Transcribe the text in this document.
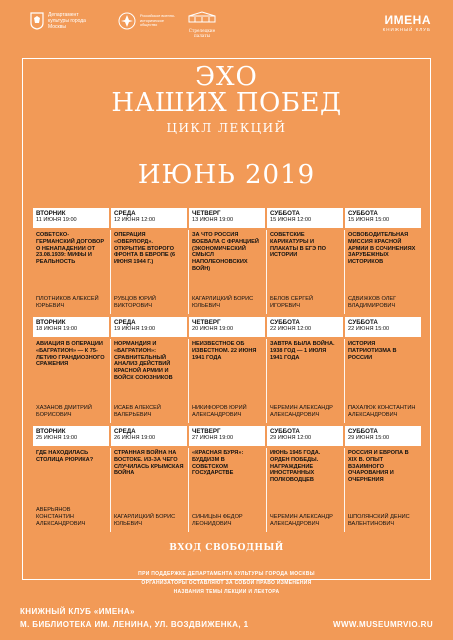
Департамент культуры города Москвы
Российское военно-историческое общество
Стрелецкие палаты
ИМЕНА
КНИЖНЫЙ КЛУБ
ЭХО
НАШИХ ПОБЕД
ЦИКЛ ЛЕКЦИЙ
ИЮНЬ 2019
ВТОРНИК
11 ИЮНЯ 19:00
СОВЕТСКО-ГЕРМАНСКИЙ ДОГОВОР О НЕНАПАДЕНИИ ОТ 23.08.1939: МИФЫ И РЕАЛЬНОСТЬ
ПЛОТНИКОВ АЛЕКСЕЙ ЮРЬЕВИЧ
СРЕДА
12 ИЮНЯ 12:00
ОПЕРАЦИЯ «ОВЕРЛОРД». ОТКРЫТИЕ ВТОРОГО ФРОНТА В ЕВРОПЕ (6 ИЮНЯ 1944 Г.)
РУБЦОВ ЮРИЙ ВИКТОРОВИЧ
ЧЕТВЕРГ
13 ИЮНЯ 19:00
ЗА ЧТО РОССИЯ ВОЕВАЛА С ФРАНЦИЕЙ (ЭКОНОМИЧЕСКИЙ СМЫСЛ НАПОЛЕОНОВСКИХ ВОЙН)
КАГАРЛИЦКИЙ БОРИС ЮЛЬЕВИЧ
СУББОТА
15 ИЮНЯ 12:00
СОВЕТСКИЕ КАРИКАТУРЫ И ПЛАКАТЫ В ЕГЭ ПО ИСТОРИИ
БЕЛОВ СЕРГЕЙ ИГОРЕВИЧ
СУББОТА
15 ИЮНЯ 15:00
ОСВОБОДИТЕЛЬНАЯ МИССИЯ КРАСНОЙ АРМИИ В СОЧИНЕНИЯХ ЗАРУБЕЖНЫХ ИСТОРИКОВ
СДВИЖКОВ ОЛЕГ ВЛАДИМИРОВИЧ
ВТОРНИК
18 ИЮНЯ 19:00
АВИАЦИЯ В ОПЕРАЦИИ «БАГРАТИОН» — К 75-ЛЕТИЮ ГРАНДИОЗНОГО СРАЖЕНИЯ
ХАЗАНОВ ДМИТРИЙ БОРИСОВИЧ
СРЕДА
19 ИЮНЯ 19:00
НОРМАНДИЯ И «БАГРАТИОН»: СРАВНИТЕЛЬНЫЙ АНАЛИЗ ДЕЙСТВИЙ КРАСНОЙ АРМИИ И ВОЙСК СОЮЗНИКОВ
ИСАЕВ АЛЕКСЕЙ ВАЛЕРЬЕВИЧ
ЧЕТВЕРГ
20 ИЮНЯ 19:00
НЕИЗВЕСТНОЕ ОБ ИЗВЕСТНОМ. 22 ИЮНЯ 1941 ГОДА
НИКИФОРОВ ЮРИЙ АЛЕКСАНДРОВИЧ
СУББОТА
22 ИЮНЯ 12:00
ЗАВТРА БЫЛА ВОЙНА. 1938 ГОД — 1 ИЮЛЯ 1941 ГОДА
ЧЕРЕМИН АЛЕКСАНДР АЛЕКСАНДРОВИЧ
СУББОТА
22 ИЮНЯ 15:00
ИСТОРИЯ ПАТРИОТИЗМА В РОССИИ
ПАХАЛЮК КОНСТАНТИН АЛЕКСАНДРОВИЧ
ВТОРНИК
25 ИЮНЯ 19:00
ГДЕ НАХОДИЛАСЬ СТОЛИЦА РЮРИКА?
АВЕРЬЯНОВ КОНСТАНТИН АЛЕКСАНДРОВИЧ
СРЕДА
26 ИЮНЯ 19:00
СТРАННАЯ ВОЙНА НА ВОСТОКЕ. ИЗ-ЗА ЧЕГО СЛУЧИЛАСЬ КРЫМСКАЯ ВОЙНА
КАГАРЛИЦКИЙ БОРИС ЮЛЬЕВИЧ
ЧЕТВЕРГ
27 ИЮНЯ 19:00
«КРАСНАЯ БУРЯ»: БУДДИЗМ В СОВЕТСКОМ ГОСУДАРСТВЕ
СИНИЦЫН ФЕДОР ЛЕОНИДОВИЧ
СУББОТА
29 ИЮНЯ 12:00
ИЮНЬ 1945 ГОДА. ОРДЕН ПОБЕДЫ. НАГРАЖДЕНИЕ ИНОСТРАННЫХ ПОЛКОВОДЦЕВ
ЧЕРЕМИН АЛЕКСАНДР АЛЕКСАНДРОВИЧ
СУББОТА
29 ИЮНЯ 15:00
РОССИЯ И ЕВРОПА В XIX В. ОПЫТ ВЗАИМНОГО ОЧАРОВАНИЯ И ОЧЕРНЕНИЯ
ШПОЛЯНСКИЙ ДЕНИС ВАЛЕНТИНОВИЧ
ВХОД СВОБОДНЫЙ
ПРИ ПОДДЕРЖКЕ ДЕПАРТАМЕНТА КУЛЬТУРЫ ГОРОДА МОСКВЫ
ОРГАНИЗАТОРЫ ОСТАВЛЯЮТ ЗА СОБОЙ ПРАВО ИЗМЕНЕНИЯ
НАЗВАНИЯ ТЕМЫ ЛЕКЦИИ И ЛЕКТОРА
КНИЖНЫЙ КЛУБ «ИМЕНА»
М. БИБЛИОТЕКА ИМ. ЛЕНИНА, УЛ. ВОЗДВИЖЕНКА, 1	WWW.MUSEUMRVIO.RU
